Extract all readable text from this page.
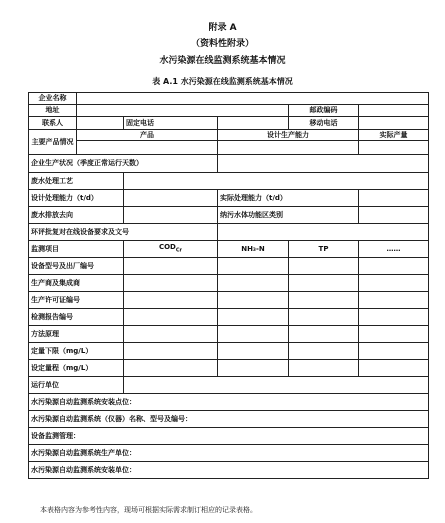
附录 A
（资料性附录）
水污染源在线监测系统基本情况
表 A.1 水污染源在线监测系统基本情况
企业名称					
地址				邮政编码	
联系人		固定电话		移动电话	
主要产品情况	产品		设计生产能力		实际产量

企业生产状况（季度正常运行天数）					
废水处理工艺					
设计处理能力（t/d）			实际处理能力（t/d）		
废水排放去向			纳污水体功能区类别		
环评批复对在线设备要求及文号					
监测项目		$COD_{Cr}$	NH₃-N	TP	……
设备型号及出厂编号					
生产商及集成商					
生产许可证编号					
检测报告编号					
方法原理					
定量下限（mg/L）					
设定量程（mg/L）					
运行单位					
水污染源自动监测系统安装点位：					
水污染源自动监测系统（仪器）名称、型号及编号：					
设备监测管理：					
水污染源自动监测系统生产单位：					
水污染源自动监测系统安装单位：					
本表格内容为参考性内容，现场可根据实际需求制订相应的记录表格。
